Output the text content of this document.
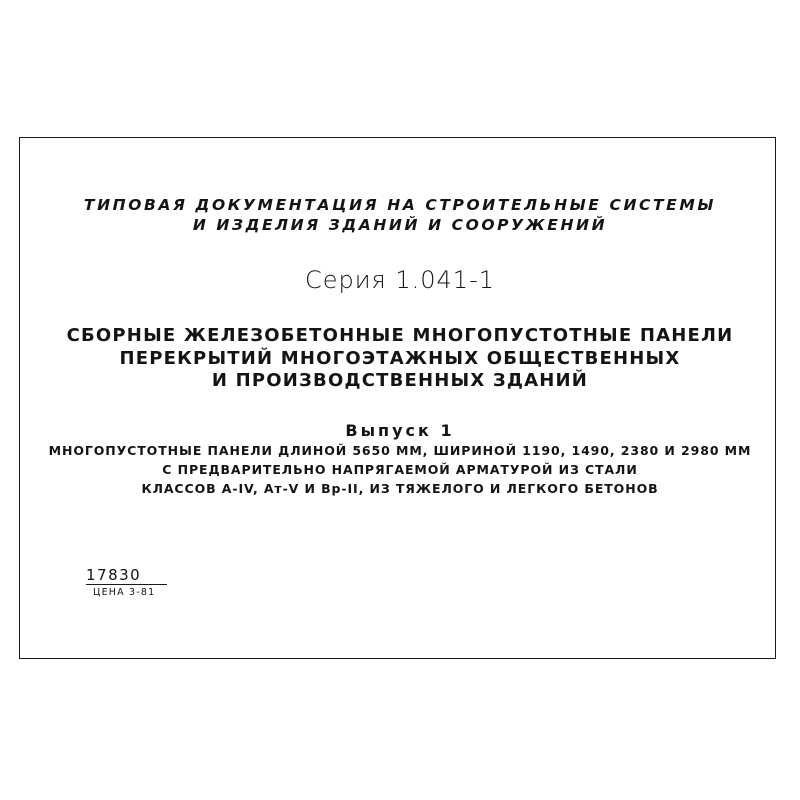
ТИПОВАЯ ДОКУМЕНТАЦИЯ НА СТРОИТЕЛЬНЫЕ СИСТЕМЫ
И ИЗДЕЛИЯ ЗДАНИЙ И СООРУЖЕНИЙ
Серия 1.041-1
СБОРНЫЕ ЖЕЛЕЗОБЕТОННЫЕ МНОГОПУСТОТНЫЕ ПАНЕЛИ
ПЕРЕКРЫТИЙ МНОГОЭТАЖНЫХ ОБЩЕСТВЕННЫХ
И ПРОИЗВОДСТВЕННЫХ ЗДАНИЙ
Выпуск 1
МНОГОПУСТОТНЫЕ ПАНЕЛИ ДЛИНОЙ 5650 ММ, ШИРИНОЙ 1190, 1490, 2380 И 2980 ММ
С ПРЕДВАРИТЕЛЬНО НАПРЯГАЕМОЙ АРМАТУРОЙ ИЗ СТАЛИ
КЛАССОВ A-IV, Aт-V И Bр-II, ИЗ ТЯЖЕЛОГО И ЛЕГКОГО БЕТОНОВ
17830
ЦЕНА 3-81
